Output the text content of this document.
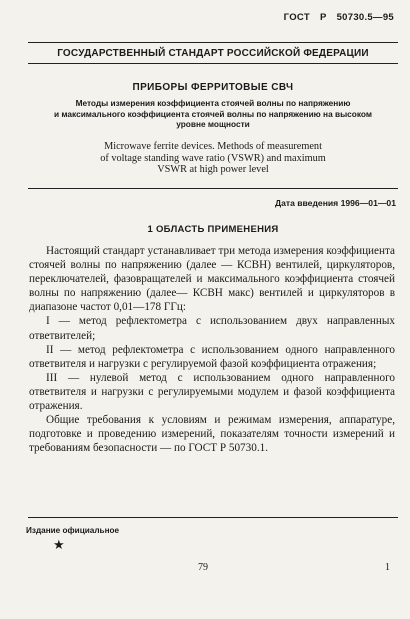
ГОСТ Р 50730.5—95
ГОСУДАРСТВЕННЫЙ СТАНДАРТ РОССИЙСКОЙ ФЕДЕРАЦИИ
ПРИБОРЫ ФЕРРИТОВЫЕ СВЧ
Методы измерения коэффициента стоячей волны по напряжению
и максимального коэффициента стоячей волны по напряжению на высоком
уровне мощности
Microwave ferrite devices. Methods of measurement
of voltage standing wave ratio (VSWR) and maximum
VSWR at high power level
Дата введения 1996—01—01
1 ОБЛАСТЬ ПРИМЕНЕНИЯ

Настоящий стандарт устанавливает три метода измерения коэффициента стоячей волны по напряжению (далее — КСВН) вентилей, циркуляторов, переключателей, фазовращателей и максимального коэффициента стоячей волны по напряжению (далее— КСВН макс) вентилей и циркуляторов в диапазоне частот 0,01—178 ГГц:

I — метод рефлектометра с использованием двух направленных ответвителей;

II — метод рефлектометра с использованием одного направленного ответвителя и нагрузки с регулируемой фазой коэффициента отражения;

III — нулевой метод с использованием одного направленного ответвителя и нагрузки с регулируемыми модулем и фазой коэффициента отражения.

Общие требования к условиям и режимам измерения, аппаратуре, подготовке и проведению измерений, показателям точности измерений и требованиям безопасности — по ГОСТ Р 50730.1.

Издание официальное
★
79	1
